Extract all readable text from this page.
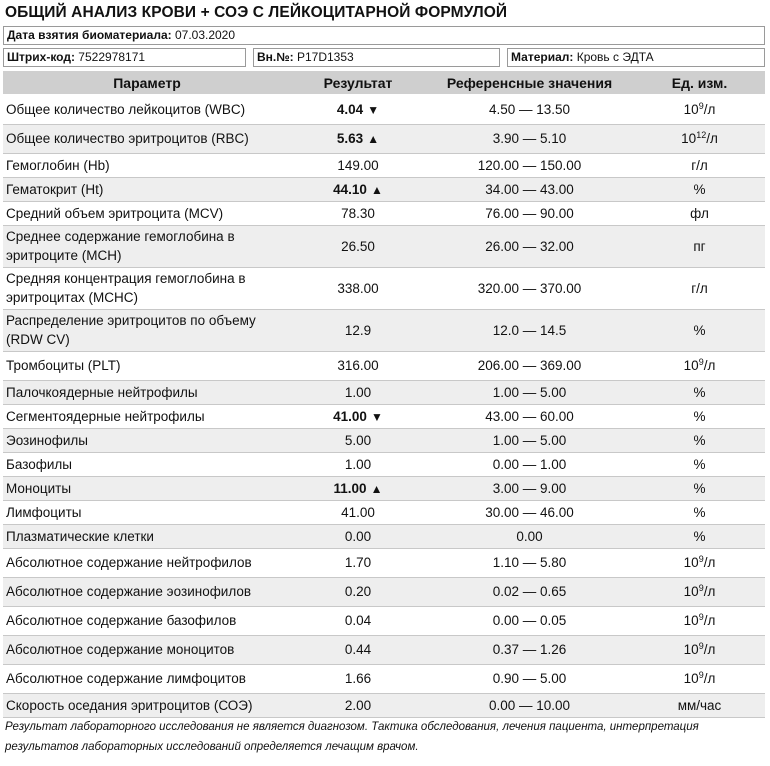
ОБЩИЙ АНАЛИЗ КРОВИ + СОЭ С ЛЕЙКОЦИТАРНОЙ ФОРМУЛОЙ
Дата взятия биоматериала: 07.03.2020
Штрих-код: 7522978171	Вн.№: P17D1353	Материал: Кровь с ЭДТА
Параметр	Результат	Референсные значения	Ед. изм.
Общее количество лейкоцитов (WBC)	4.04 ▼	4.50 — 13.50	$10^9/л$
Общее количество эритроцитов (RBC)	5.63 ▲	3.90 — 5.10	$10^{12}/л$
Гемоглобин (Hb)	149.00	120.00 — 150.00	г/л
Гематокрит (Ht)	44.10 ▲	34.00 — 43.00	%
Средний объем эритроцита (MCV)	78.30	76.00 — 90.00	фл
Среднее содержание гемоглобина в эритроците (MCH)	26.50	26.00 — 32.00	пг
Средняя концентрация гемоглобина в эритроцитах (MCHC)	338.00	320.00 — 370.00	г/л
Распределение эритроцитов по объему (RDW CV)	12.9	12.0 — 14.5	%
Тромбоциты (PLT)	316.00	206.00 — 369.00	$10^9/л$
Палочкоядерные нейтрофилы	1.00	1.00 — 5.00	%
Сегментоядерные нейтрофилы	41.00 ▼	43.00 — 60.00	%
Эозинофилы	5.00	1.00 — 5.00	%
Базофилы	1.00	0.00 — 1.00	%
Моноциты	11.00 ▲	3.00 — 9.00	%
Лимфоциты	41.00	30.00 — 46.00	%
Плазматические клетки	0.00	0.00	%
Абсолютное содержание нейтрофилов	1.70	1.10 — 5.80	$10^9/л$
Абсолютное содержание эозинофилов	0.20	0.02 — 0.65	$10^9/л$
Абсолютное содержание базофилов	0.04	0.00 — 0.05	$10^9/л$
Абсолютное содержание моноцитов	0.44	0.37 — 1.26	$10^9/л$
Абсолютное содержание лимфоцитов	1.66	0.90 — 5.00	$10^9/л$
Скорость оседания эритроцитов (СОЭ)	2.00	0.00 — 10.00	мм/час
Результат лабораторного исследования не является диагнозом. Тактика обследования, лечения пациента, интерпретация результатов лабораторных исследований определяется лечащим врачом.
